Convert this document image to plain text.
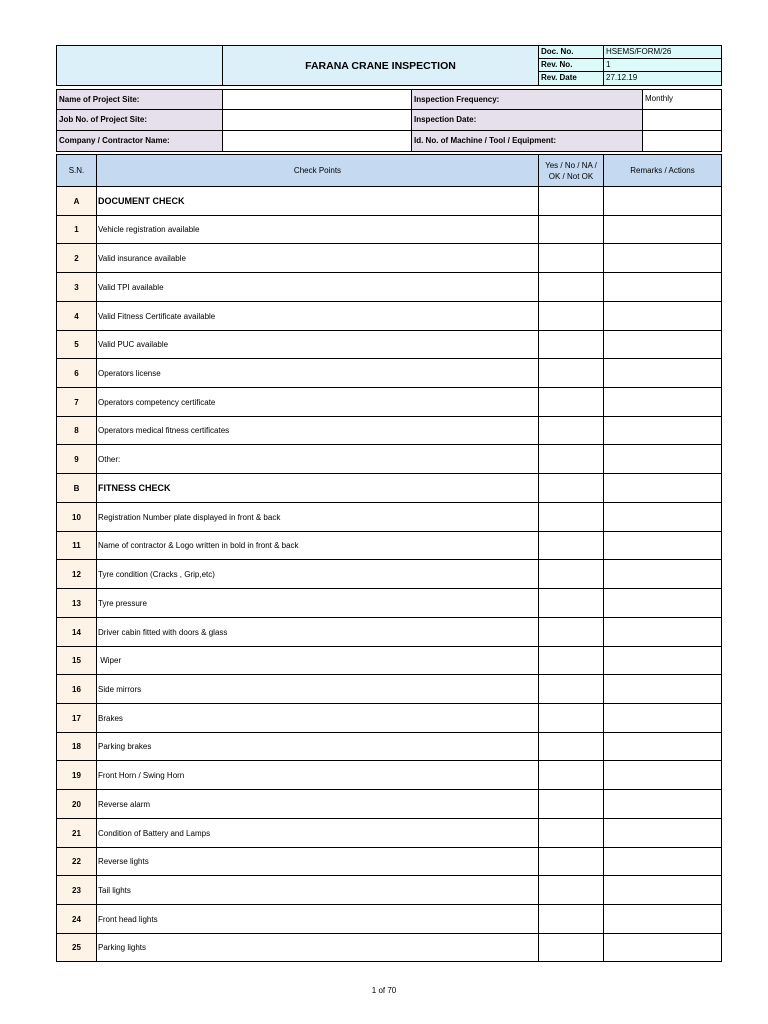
FARANA CRANE INSPECTION
Doc. No.	HSEMS/FORM/26
Rev. No.	1
Rev. Date	27.12.19
Name of Project Site:	Inspection Frequency:	Monthly
Job No. of Project Site:	Inspection Date:
Company / Contractor Name:	Id. No. of Machine / Tool / Equipment:
S.N.	Check Points
Yes / No / NA /
OK / Not OK
Remarks / Actions
A DOCUMENT CHECK
1 Vehicle registration available
2 Valid insurance available
3 Valid TPI available
4 Valid Fitness Certificate available
5 Valid PUC available
6 Operators license
7 Operators competency certificate
8 Operators medical fitness certificates
9 Other:
B FITNESS CHECK
10 Registration Number plate displayed in front & back
11 Name of contractor & Logo written in bold in front & back
12 Tyre condition (Cracks , Grip,etc)
13 Tyre pressure
14 Driver cabin fitted with doors & glass
15 Wiper
16 Side mirrors
17 Brakes
18 Parking brakes
19 Front Horn / Swing Horn
20 Reverse alarm
21 Condition of Battery and Lamps
22 Reverse lights
23 Tail lights
24 Front head lights
25 Parking lights
1 of 70
